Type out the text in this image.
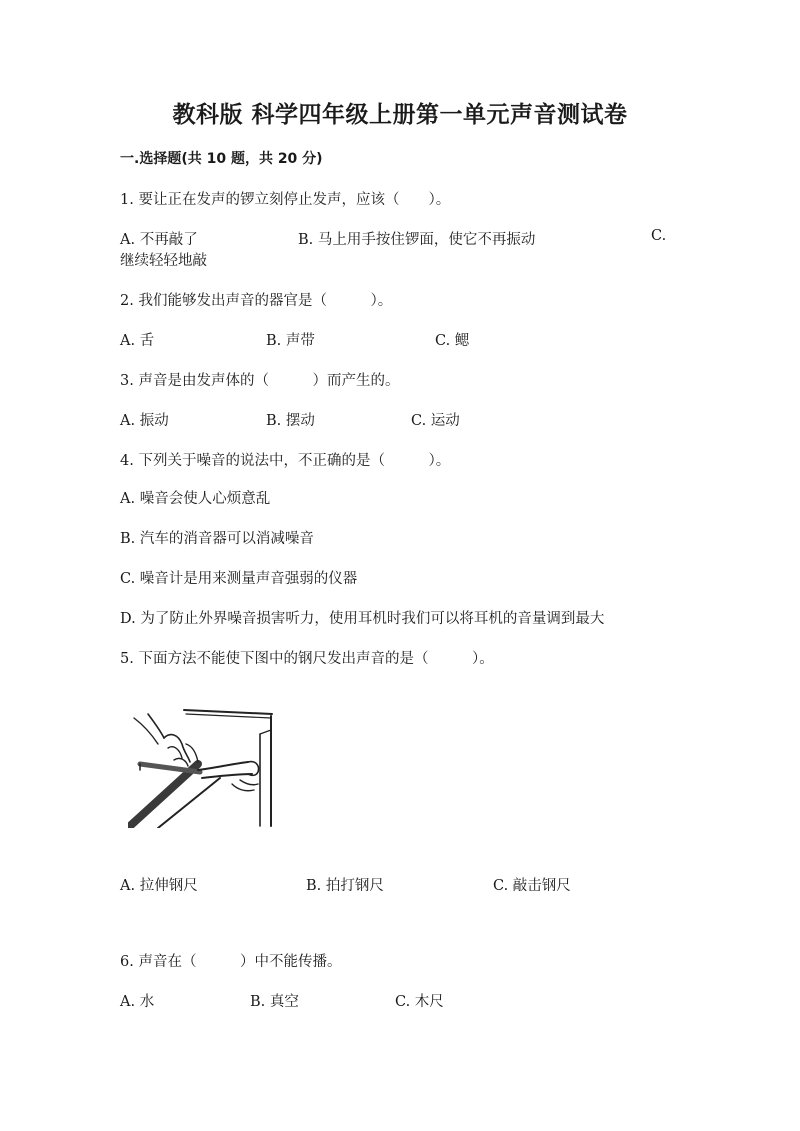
教科版 科学四年级上册第一单元声音测试卷
一.选择题(共 10 题，共 20 分)
1. 要让正在发声的锣立刻停止发声，应该（　　）。
A. 不再敲了	B. 马上用手按住锣面，使它不再振动	C.
继续轻轻地敲
2. 我们能够发出声音的器官是（　　　）。
A. 舌	B. 声带	C. 鳃
3. 声音是由发声体的（　　　）而产生的。
A. 振动	B. 摆动	C. 运动
4. 下列关于噪音的说法中，不正确的是（　　　）。
A. 噪音会使人心烦意乱
B. 汽车的消音器可以消减噪音
C. 噪音计是用来测量声音强弱的仪器
D. 为了防止外界噪音损害听力，使用耳机时我们可以将耳机的音量调到最大
5. 下面方法不能使下图中的钢尺发出声音的是（　　　）。
A. 拉伸钢尺	B. 拍打钢尺	C. 敲击钢尺
6. 声音在（　　　）中不能传播。
A. 水	B. 真空	C. 木尺
